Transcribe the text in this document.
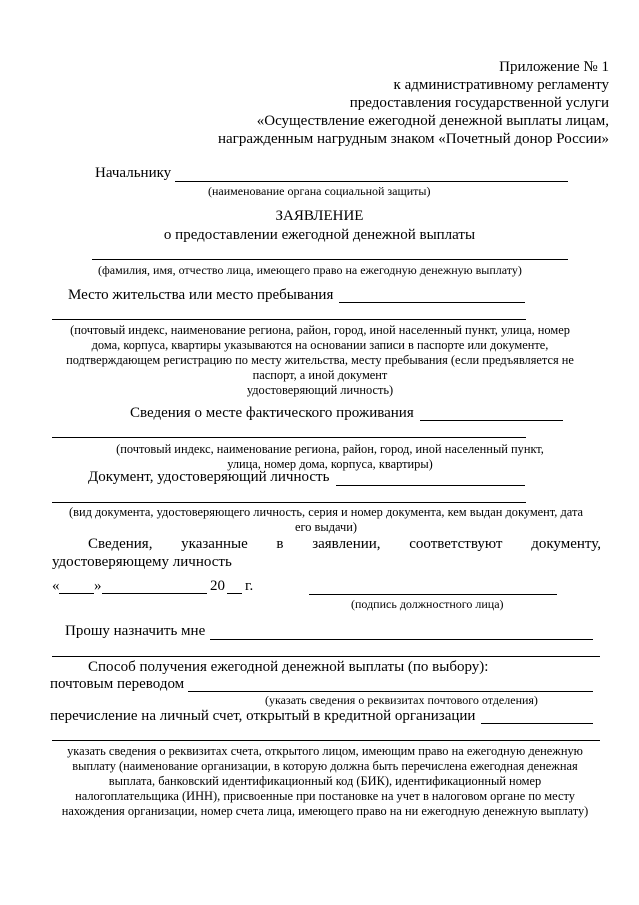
Приложение № 1
к административному регламенту
предоставления государственной услуги
«Осуществление ежегодной денежной выплаты лицам,
награжденным нагрудным знаком «Почетный донор России»
Начальнику
(наименование органа социальной защиты)
ЗАЯВЛЕНИЕ
о предоставлении ежегодной денежной выплаты
(фамилия, имя, отчество лица, имеющего право на ежегодную денежную выплату)
Место жительства или место пребывания
(почтовый индекс, наименование региона, район, город, иной населенный пункт, улица, номер
дома, корпуса, квартиры указываются на основании записи в паспорте или документе,
подтверждающем регистрацию по месту жительства, месту пребывания (если предъявляется не
паспорт, а иной документ
удостоверяющий личность)
Сведения о месте фактического проживания
(почтовый индекс, наименование региона, район, город, иной населенный пункт,
улица, номер дома, корпуса, квартиры)
Документ, удостоверяющий личность
(вид документа, удостоверяющего личность, серия и номер документа, кем выдан документ, дата
его выдачи)
Сведения, указанные в заявлении, соответствуют документу,
удостоверяющему личность
« »	20 г.
(подпись должностного лица)
Прошу назначить мне
Способ получения ежегодной денежной выплаты (по выбору):
почтовым переводом
(указать сведения о реквизитах почтового отделения)
перечисление на личный счет, открытый в кредитной организации
указать сведения о реквизитах счета, открытого лицом, имеющим право на ежегодную денежную
выплату (наименование организации, в которую должна быть перечислена ежегодная денежная
выплата, банковский идентификационный код (БИК), идентификационный номер
налогоплательщика (ИНН), присвоенные при постановке на учет в налоговом органе по месту
нахождения организации, номер счета лица, имеющего право на ни ежегодную денежную выплату)
